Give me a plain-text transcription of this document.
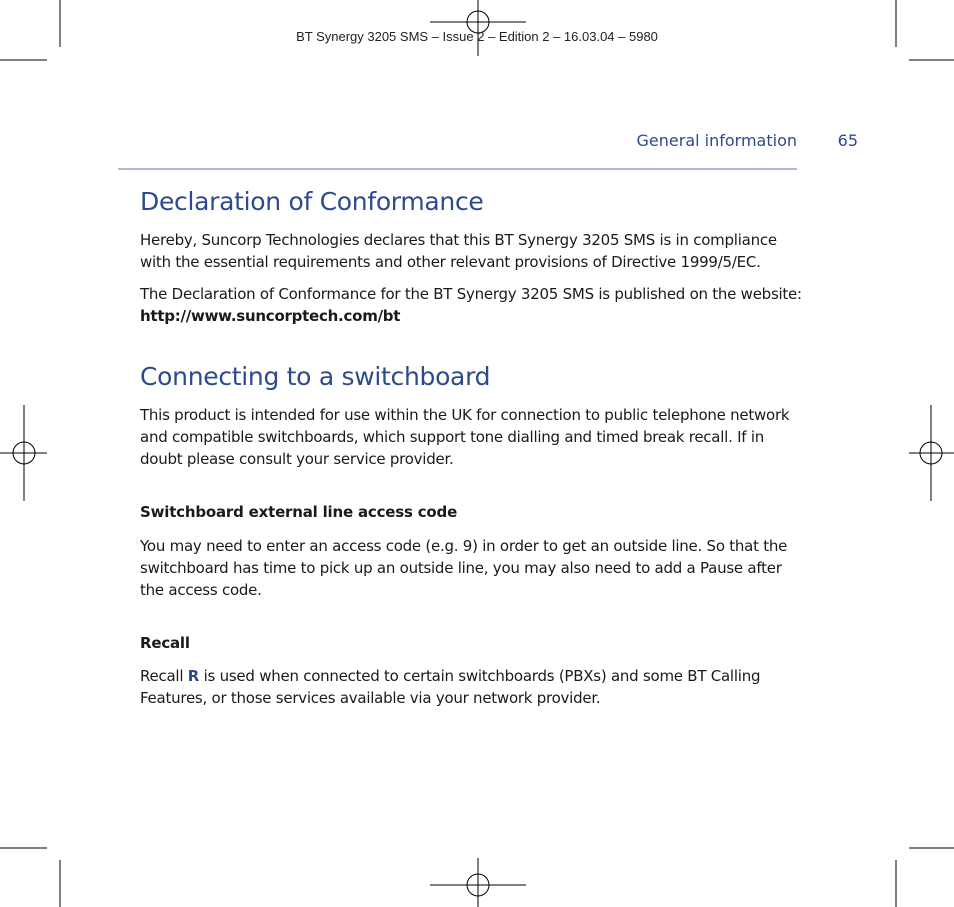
BT Synergy 3205 SMS – Issue 2 – Edition 2 – 16.03.04 – 5980
General information	65
Declaration of Conformance
Hereby, Suncorp Technologies declares that this BT Synergy 3205 SMS is in compliance with the essential requirements and other relevant provisions of Directive 1999/5/EC.
The Declaration of Conformance for the BT Synergy 3205 SMS is published on the website: http://www.suncorptech.com/bt
Connecting to a switchboard
This product is intended for use within the UK for connection to public telephone network and compatible switchboards, which support tone dialling and timed break recall. If in doubt please consult your service provider.
Switchboard external line access code
You may need to enter an access code (e.g. 9) in order to get an outside line. So that the switchboard has time to pick up an outside line, you may also need to add a Pause after the access code.
Recall
Recall R is used when connected to certain switchboards (PBXs) and some BT Calling Features, or those services available via your network provider.
